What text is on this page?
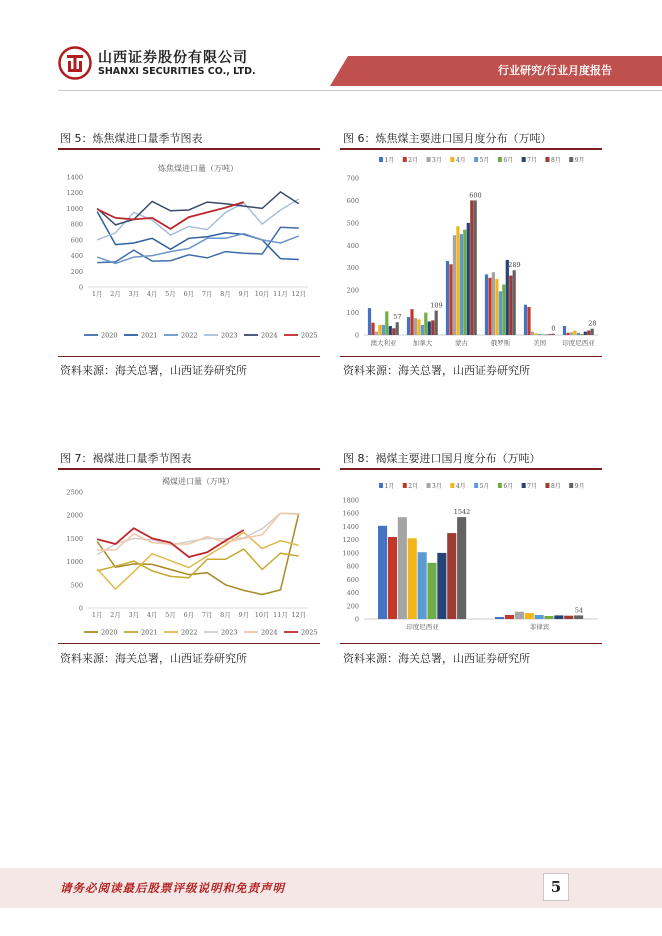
山西证券股份有限公司
SHANXI SECURITIES CO., LTD.	行业研究/行业月度报告
图 5：炼焦煤进口量季节图表
炼焦煤进口量（万吨）
0
200
400
600
800
1000
1200
1400
1月 2月 3月 4月 5月 6月 7月 8月 9月 10月 11月 12月
2020	2021	2022	2023	2024	2025
资料来源：海关总署，山西证券研究所
图 6：炼焦煤主要进口国月度分布（万吨）
1月 2月 3月 4月 5月 6月 7月 8月 9月
0
100
200
300
400
500
600
700
澳大利亚	加拿大	蒙古	俄罗斯	美国	印度尼西亚
57
109
600
289
0
28
资料来源：海关总署，山西证券研究所
图 7：褐煤进口量季节图表
褐煤进口量（万吨）
0
500
1000
1500
2000
2500
1月 2月 3月 4月 5月 6月 7月 8月 9月 10月 11月 12月
2020	2021	2022	2023	2024	2025
资料来源：海关总署，山西证券研究所
图 8：褐煤主要进口国月度分布（万吨）
1月 2月 3月 4月 5月 6月 7月 8月 9月
0
200
400
600
800
1000
1200
1400
1600
1800
印度尼西亚	菲律宾
1542
54
资料来源：海关总署，山西证券研究所
请务必阅读最后股票评级说明和免责声明	5
